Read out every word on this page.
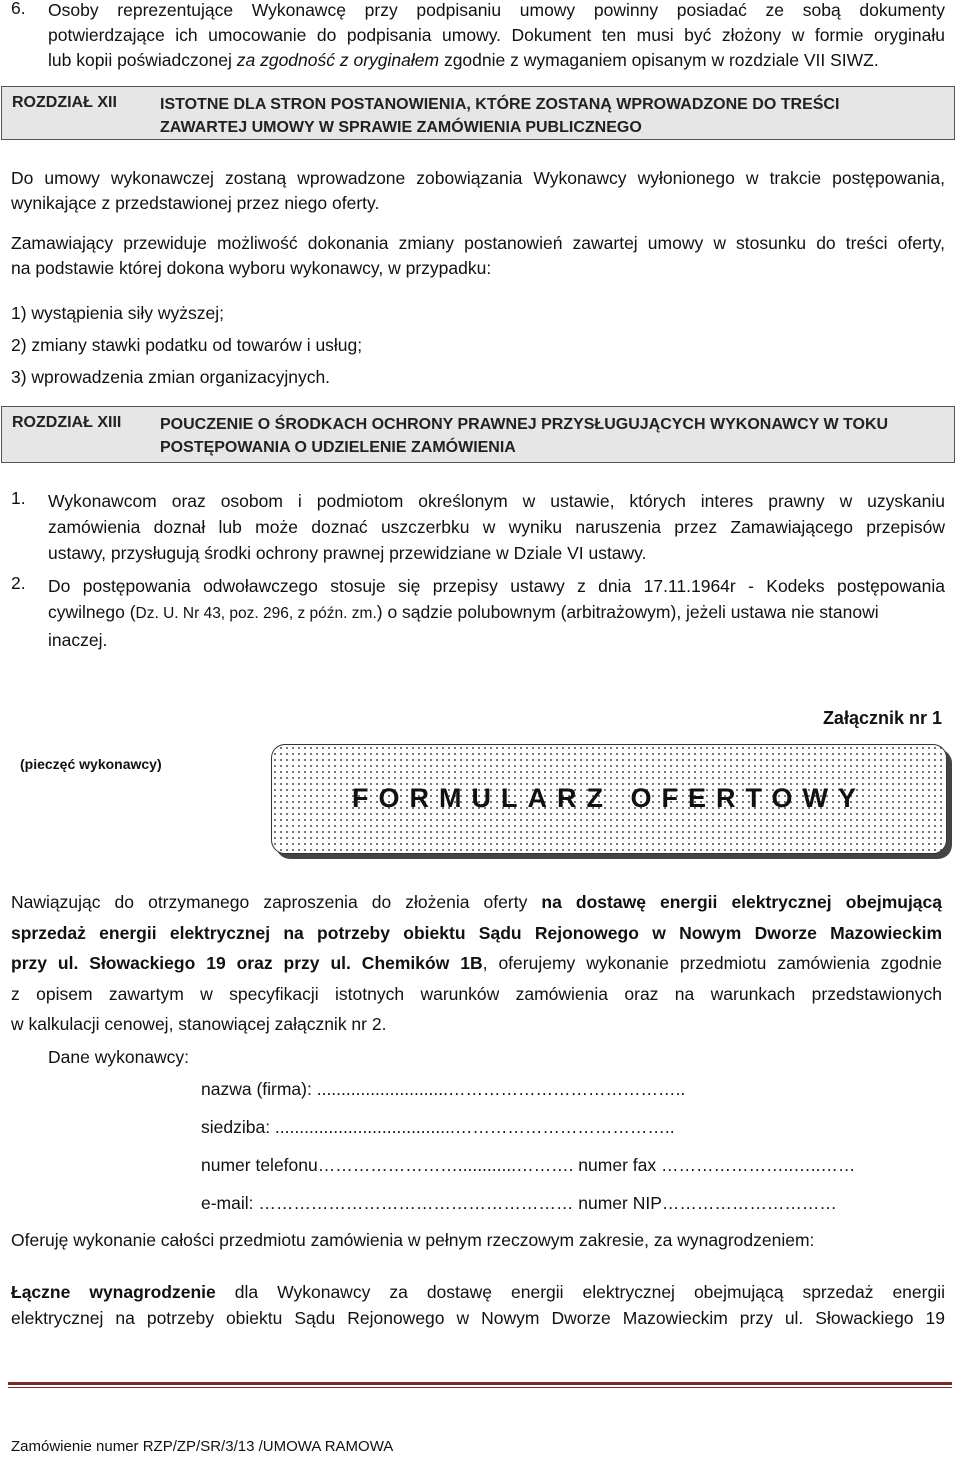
6. Osoby reprezentujące Wykonawcę przy podpisaniu umowy powinny posiadać ze sobą dokumenty
potwierdzające ich umocowanie do podpisania umowy. Dokument ten musi być złożony w formie oryginału
lub kopii poświadczonej za zgodność z oryginałem zgodnie z wymaganiem opisanym w rozdziale VII SIWZ.
ROZDZIAŁ XII	ISTOTNE DLA STRON POSTANOWIENIA, KTÓRE ZOSTANĄ WPROWADZONE DO TREŚCI
ZAWARTEJ UMOWY W SPRAWIE ZAMÓWIENIA PUBLICZNEGO
Do umowy wykonawczej zostaną wprowadzone zobowiązania Wykonawcy wyłonionego w trakcie postępowania,
wynikające z przedstawionej przez niego oferty.
Zamawiający przewiduje możliwość dokonania zmiany postanowień zawartej umowy w stosunku do treści oferty,
na podstawie której dokona wyboru wykonawcy, w przypadku:
1) wystąpienia siły wyższej;
2) zmiany stawki podatku od towarów i usług;
3) wprowadzenia zmian organizacyjnych.
ROZDZIAŁ XIII POUCZENIE O ŚRODKACH OCHRONY PRAWNEJ PRZYSŁUGUJĄCYCH WYKONAWCY W TOKU
POSTĘPOWANIA O UDZIELENIE ZAMÓWIENIA
1. Wykonawcom oraz osobom i podmiotom określonym w ustawie, których interes prawny w uzyskaniu
zamówienia doznał lub może doznać uszczerbku w wyniku naruszenia przez Zamawiającego przepisów
ustawy, przysługują środki ochrony prawnej przewidziane w Dziale VI ustawy.
2. Do postępowania odwoławczego stosuje się przepisy ustawy z dnia 17.11.1964r - Kodeks postępowania
cywilnego (Dz. U. Nr 43, poz. 296, z późn. zm.) o sądzie polubownym (arbitrażowym), jeżeli ustawa nie stanowi
inaczej.
Załącznik nr 1
(pieczęć wykonawcy)
FORMULARZ OFERTOWY
Nawiązując do otrzymanego zaproszenia do złożenia oferty na dostawę energii elektrycznej obejmującą
sprzedaż energii elektrycznej na potrzeby obiektu Sądu Rejonowego w Nowym Dworze Mazowieckim
przy ul. Słowackiego 19 oraz przy ul. Chemików 1B, oferujemy wykonanie przedmiotu zamówienia zgodnie
z opisem zawartym w specyfikacji istotnych warunków zamówienia oraz na warunkach przedstawionych
w kalkulacji cenowej, stanowiącej załącznik nr 2.
Dane wykonawcy:
nazwa (firma): ...........................…………………………………..
siedziba: .....................................………………………………..
numer telefonu……………………............………. numer fax …………………..…..……
e-mail: ……………………………………………… numer NIP…………………………
Oferuję wykonanie całości przedmiotu zamówienia w pełnym rzeczowym zakresie, za wynagrodzeniem:
Łączne wynagrodzenie dla Wykonawcy za dostawę energii elektrycznej obejmującą sprzedaż energii
elektrycznej na potrzeby obiektu Sądu Rejonowego w Nowym Dworze Mazowieckim przy ul. Słowackiego 19
Zamówienie numer RZP/ZP/SR/3/13 /UMOWA RAMOWA
